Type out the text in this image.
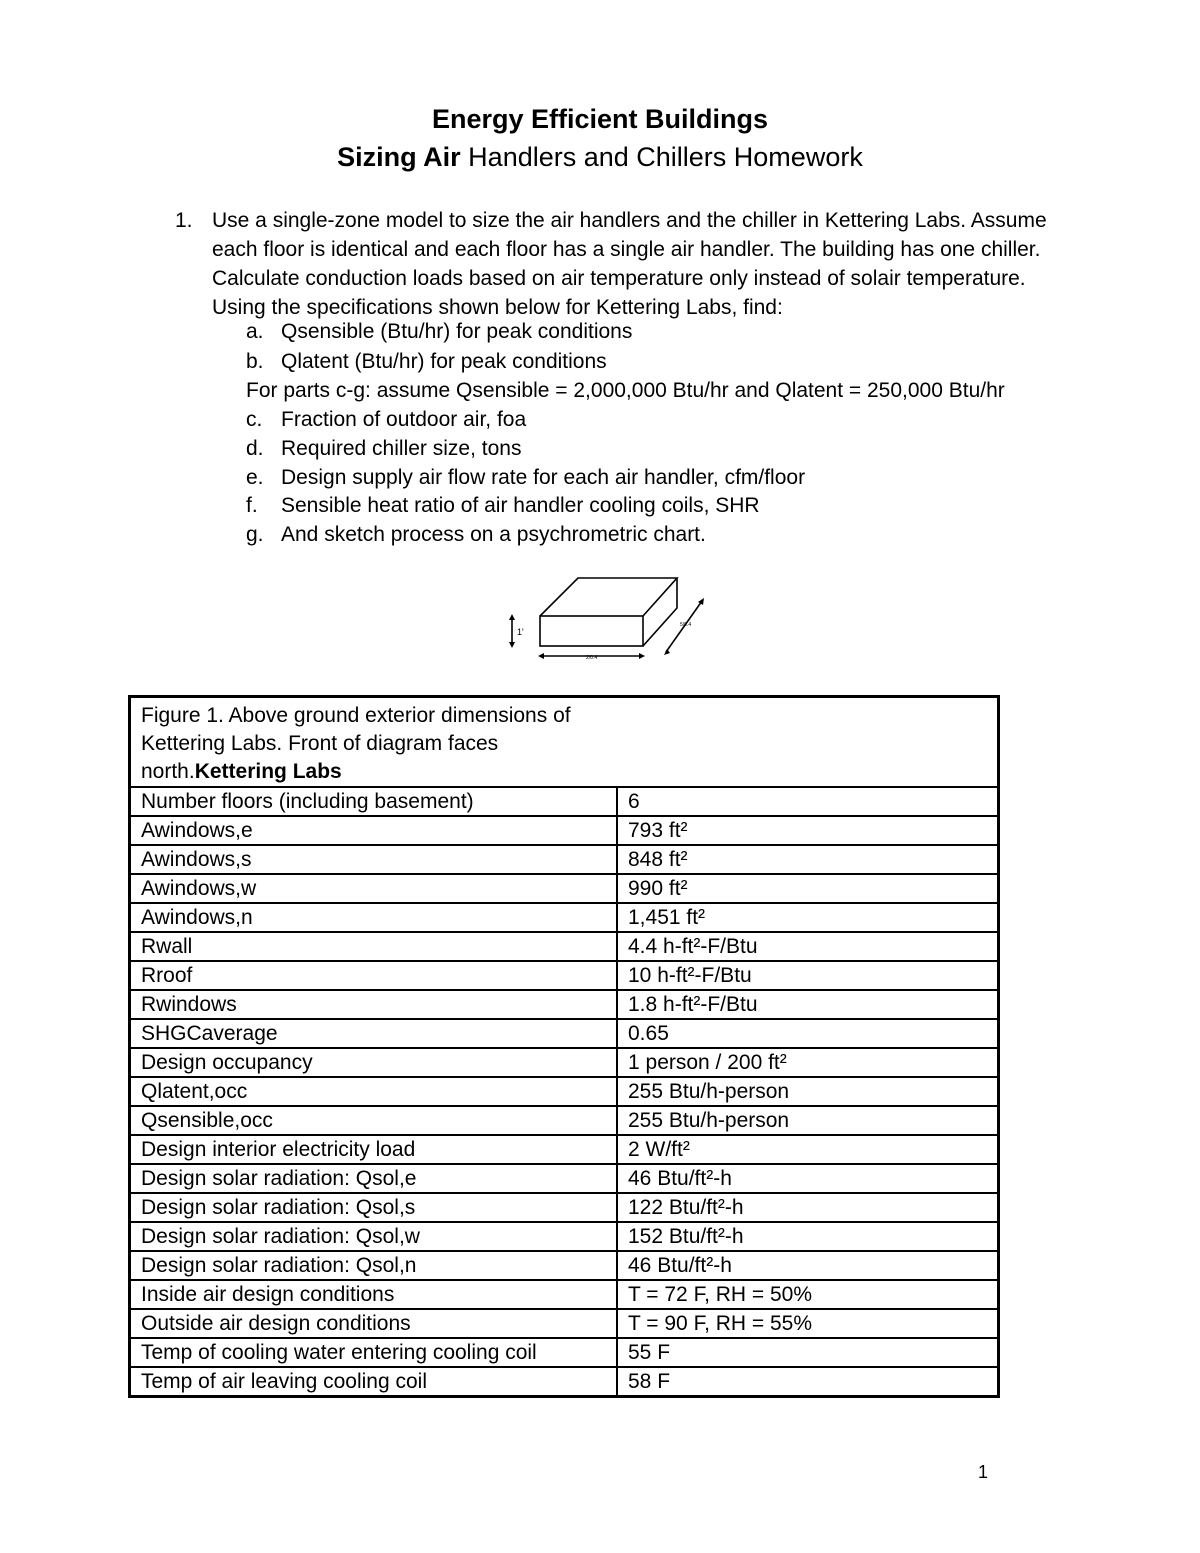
Energy Efficient Buildings
Sizing Air Handlers and Chillers Homework
1. Use a single-zone model to size the air handlers and the chiller in Kettering Labs. Assume each floor is identical and each floor has a single air handler. The building has one chiller. Calculate conduction loads based on air temperature only instead of solair temperature. Using the specifications shown below for Kettering Labs, find:
a. Qsensible (Btu/hr) for peak conditions
b. Qlatent (Btu/hr) for peak conditions
For parts c-g: assume Qsensible = 2,000,000 Btu/hr and Qlatent = 250,000 Btu/hr
c. Fraction of outdoor air, foa
d. Required chiller size, tons
e. Design supply air flow rate for each air handler, cfm/floor
f. Sensible heat ratio of air handler cooling coils, SHR
g. And sketch process on a psychrometric chart.
1'
5/0.4
2/0.4
Figure 1. Above ground exterior dimensions of
Kettering Labs. Front of diagram faces
north.Kettering Labs	
Number floors (including basement)	6
Awindows,e	793 ft²
Awindows,s	848 ft²
Awindows,w	990 ft²
Awindows,n	1,451 ft²
Rwall	4.4 h-ft²-F/Btu
Rroof	10 h-ft²-F/Btu
Rwindows	1.8 h-ft²-F/Btu
SHGCaverage	0.65
Design occupancy	1 person / 200 ft²
Qlatent,occ	255 Btu/h-person
Qsensible,occ	255 Btu/h-person
Design interior electricity load	2 W/ft²
Design solar radiation: Qsol,e	46 Btu/ft²-h
Design solar radiation: Qsol,s	122 Btu/ft²-h
Design solar radiation: Qsol,w	152 Btu/ft²-h
Design solar radiation: Qsol,n	46 Btu/ft²-h
Inside air design conditions	T = 72 F, RH = 50%
Outside air design conditions	T = 90 F, RH = 55%
Temp of cooling water entering cooling coil	55 F
Temp of air leaving cooling coil	58 F
1
